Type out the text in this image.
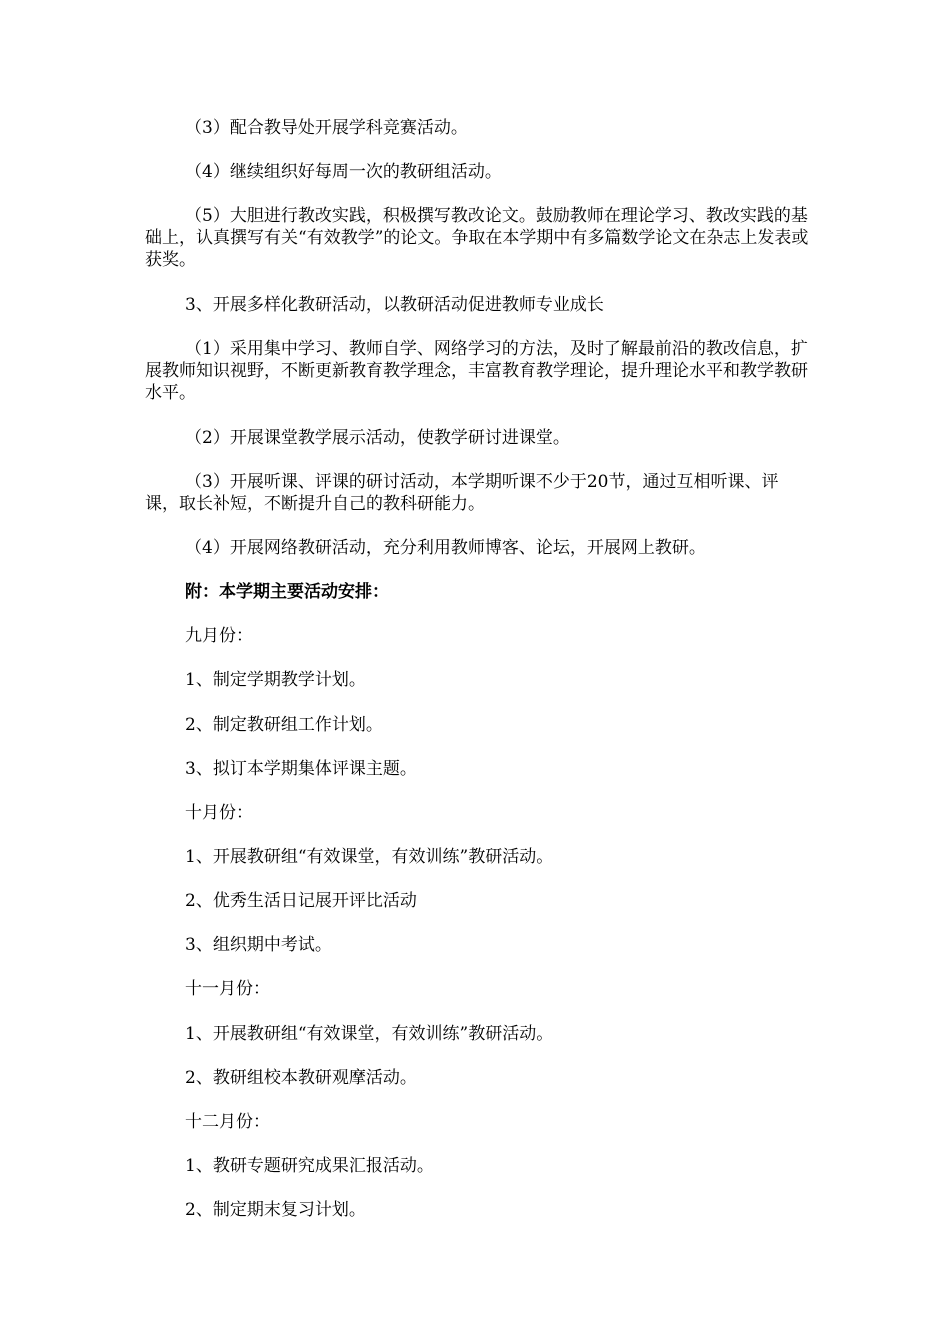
（3）配合教导处开展学科竞赛活动。

（4）继续组织好每周一次的教研组活动。

（5）大胆进行教改实践，积极撰写教改论文。鼓励教师在理论学习、教改实践的基础上，认真撰写有关“有效教学”的论文。争取在本学期中有多篇数学论文在杂志上发表或获奖。

3、开展多样化教研活动，以教研活动促进教师专业成长

（1）采用集中学习、教师自学、网络学习的方法，及时了解最前沿的教改信息，扩展教师知识视野，不断更新教育教学理念，丰富教育教学理论，提升理论水平和教学教研水平。

（2）开展课堂教学展示活动，使教学研讨进课堂。

（3）开展听课、评课的研讨活动，本学期听课不少于20节，通过互相听课、评课，取长补短，不断提升自己的教科研能力。

（4）开展网络教研活动，充分利用教师博客、论坛，开展网上教研。

附：本学期主要活动安排：

九月份：

1、制定学期教学计划。

2、制定教研组工作计划。

3、拟订本学期集体评课主题。

十月份：

1、开展教研组“有效课堂，有效训练”教研活动。

2、优秀生活日记展开评比活动

3、组织期中考试。

十一月份：

1、开展教研组“有效课堂，有效训练”教研活动。

2、教研组校本教研观摩活动。

十二月份：

1、教研专题研究成果汇报活动。

2、制定期末复习计划。
